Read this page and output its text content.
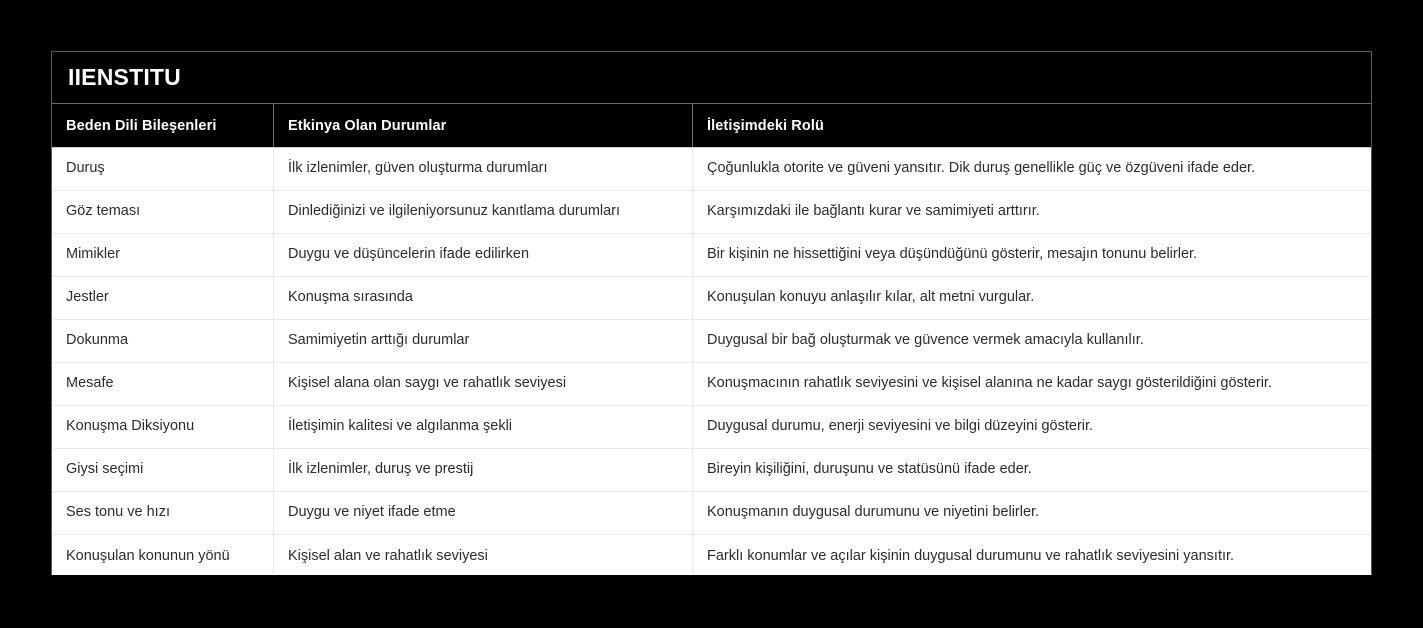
IIENSTITU
Beden Dili Bileşenleri	Etkinya Olan Durumlar	İletişimdeki Rolü
Duruş	İlk izlenimler, güven oluşturma durumları	Çoğunlukla otorite ve güveni yansıtır. Dik duruş genellikle güç ve özgüveni ifade eder.
Göz teması	Dinlediğinizi ve ilgileniyorsunuz kanıtlama durumları	Karşımızdaki ile bağlantı kurar ve samimiyeti arttırır.
Mimikler	Duygu ve düşüncelerin ifade edilirken	Bir kişinin ne hissettiğini veya düşündüğünü gösterir, mesajın tonunu belirler.
Jestler	Konuşma sırasında	Konuşulan konuyu anlaşılır kılar, alt metni vurgular.
Dokunma	Samimiyetin arttığı durumlar	Duygusal bir bağ oluşturmak ve güvence vermek amacıyla kullanılır.
Mesafe	Kişisel alana olan saygı ve rahatlık seviyesi	Konuşmacının rahatlık seviyesini ve kişisel alanına ne kadar saygı gösterildiğini gösterir.
Konuşma Diksiyonu	İletişimin kalitesi ve algılanma şekli	Duygusal durumu, enerji seviyesini ve bilgi düzeyini gösterir.
Giysi seçimi	İlk izlenimler, duruş ve prestij	Bireyin kişiliğini, duruşunu ve statüsünü ifade eder.
Ses tonu ve hızı	Duygu ve niyet ifade etme	Konuşmanın duygusal durumunu ve niyetini belirler.
Konuşulan konunun yönü	Kişisel alan ve rahatlık seviyesi	Farklı konumlar ve açılar kişinin duygusal durumunu ve rahatlık seviyesini yansıtır.
